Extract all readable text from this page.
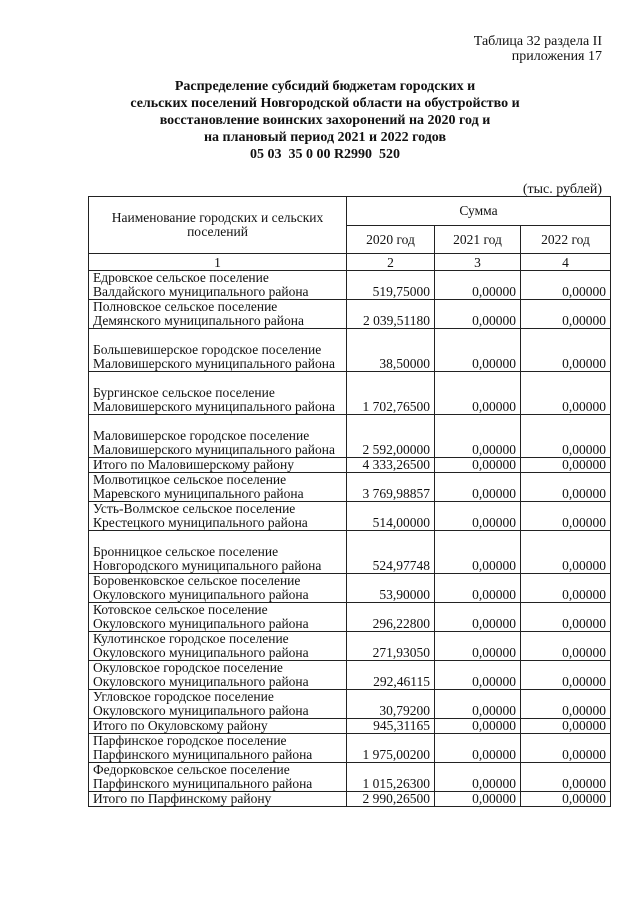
Таблица 32 раздела II
приложения 17
Распределение субсидий бюджетам городских и
сельских поселений Новгородской области на обустройство и
восстановление воинских захоронений на 2020 год и
на плановый период 2021 и 2022 годов
05 03  35 0 00 R2990  520
(тыс. рублей)
Наименование городских и сельских поселений	Сумма		
	2020 год	2021 год	2022 год
1	2	3	4
Едровское сельское поселение Валдайского муниципального района	519,75000	0,00000	0,00000
Полновское сельское поселение Демянского муниципального района	2 039,51180	0,00000	0,00000
Большевишерское городское поселение Маловишерского муниципального района	38,50000	0,00000	0,00000
Бургинское сельское поселение Маловишерского муниципального района	1 702,76500	0,00000	0,00000
Маловишерское городское поселение Маловишерского муниципального района	2 592,00000	0,00000	0,00000
Итого по Маловишерскому району	4 333,26500	0,00000	0,00000
Молвотицкое сельское поселение Маревского муниципального района	3 769,98857	0,00000	0,00000
Усть-Волмское сельское поселение Крестецкого муниципального района	514,00000	0,00000	0,00000
Бронницкое сельское поселение Новгородского муниципального района	524,97748	0,00000	0,00000
Боровенковское сельское поселение Окуловского муниципального района	53,90000	0,00000	0,00000
Котовское сельское поселение Окуловского муниципального района	296,22800	0,00000	0,00000
Кулотинское городское поселение Окуловского муниципального района	271,93050	0,00000	0,00000
Окуловское городское поселение Окуловского муниципального района	292,46115	0,00000	0,00000
Угловское городское поселение Окуловского муниципального района	30,79200	0,00000	0,00000
Итого по Окуловскому району	945,31165	0,00000	0,00000
Парфинское городское поселение Парфинского муниципального района	1 975,00200	0,00000	0,00000
Федорковское сельское поселение Парфинского муниципального района	1 015,26300	0,00000	0,00000
Итого по Парфинскому району	2 990,26500	0,00000	0,00000
